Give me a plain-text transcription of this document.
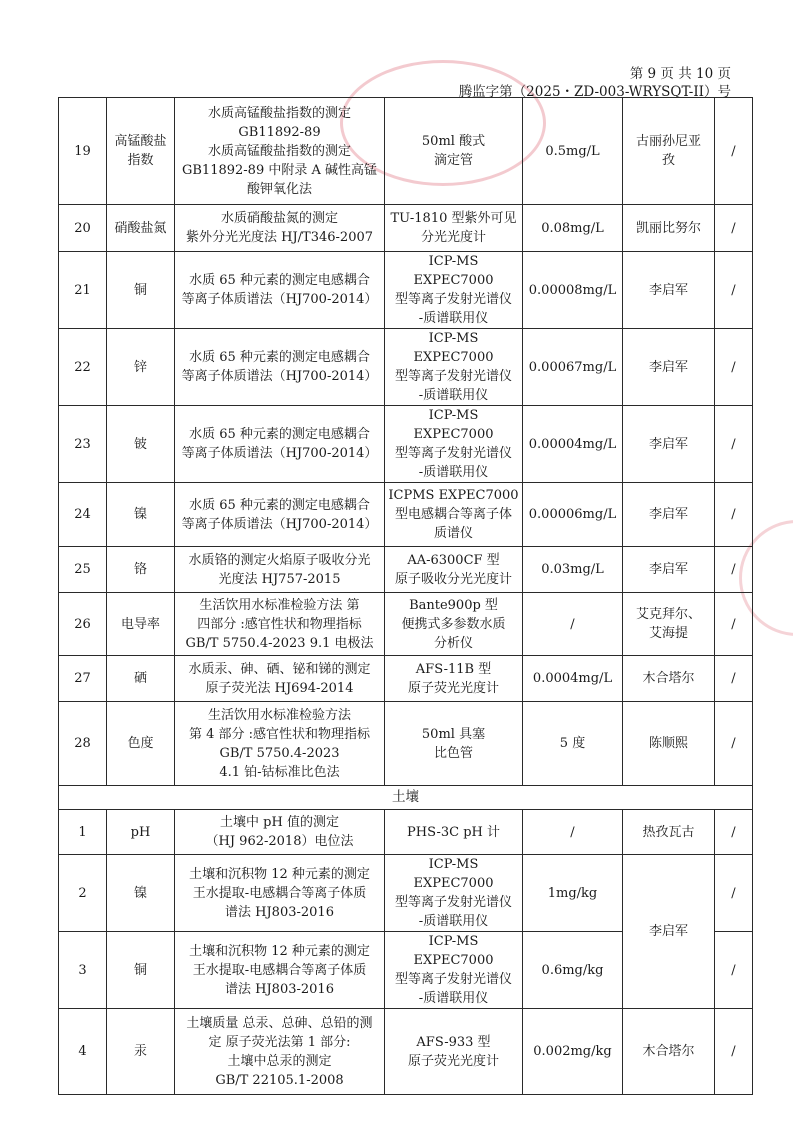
第 9 页 共 10 页
腾监字第（2025・ZD-003-WRYSQT-II）号
19	高锰酸盐
指数	水质高锰酸盐指数的测定
GB11892-89
水质高锰酸盐指数的测定
GB11892-89 中附录 A 碱性高锰
酸钾氧化法	50ml 酸式
滴定管	0.5mg/L	古丽孙尼亚
孜	/
20	硝酸盐氮	水质硝酸盐氮的测定
紫外分光光度法 HJ/T346-2007	TU-1810 型紫外可见
分光光度计	0.08mg/L	凯丽比努尔	/
21	铜	水质 65 种元素的测定电感耦合
等离子体质谱法（HJ700-2014）	ICP-MS EXPEC7000
型等离子发射光谱仪
-质谱联用仪	0.00008mg/L	李启军	/
22	锌	水质 65 种元素的测定电感耦合
等离子体质谱法（HJ700-2014）	ICP-MS EXPEC7000
型等离子发射光谱仪
-质谱联用仪	0.00067mg/L	李启军	/
23	铍	水质 65 种元素的测定电感耦合
等离子体质谱法（HJ700-2014）	ICP-MS EXPEC7000
型等离子发射光谱仪
-质谱联用仪	0.00004mg/L	李启军	/
24	镍	水质 65 种元素的测定电感耦合
等离子体质谱法（HJ700-2014）	ICPMS EXPEC7000
型电感耦合等离子体
质谱仪	0.00006mg/L	李启军	/
25	铬	水质铬的测定火焰原子吸收分光
光度法 HJ757-2015	AA-6300CF 型
原子吸收分光光度计	0.03mg/L	李启军	/
26	电导率	生活饮用水标准检验方法 第
四部分 :感官性状和物理指标
GB/T 5750.4-2023 9.1 电极法	Bante900p 型
便携式多参数水质
分析仪	/	艾克拜尔、
艾海提	/
27	硒	水质汞、砷、硒、铋和锑的测定
原子荧光法 HJ694-2014	AFS-11B 型
原子荧光光度计	0.0004mg/L	木合塔尔	/
28	色度	生活饮用水标准检验方法
第 4 部分 :感官性状和物理指标
GB/T 5750.4-2023
4.1 铂-钴标准比色法	50ml 具塞
比色管	5 度	陈顺熙	/
土壤						
1	pH	土壤中 pH 值的测定
（HJ 962-2018）电位法	PHS-3C pH 计	/	热孜瓦古	/
2	镍	土壤和沉积物 12 种元素的测定
王水提取-电感耦合等离子体质
谱法 HJ803-2016	ICP-MS EXPEC7000
型等离子发射光谱仪
-质谱联用仪	1mg/kg	李启军	/
3	铜	土壤和沉积物 12 种元素的测定
王水提取-电感耦合等离子体质
谱法 HJ803-2016	ICP-MS EXPEC7000
型等离子发射光谱仪
-质谱联用仪	0.6mg/kg		/
4	汞	土壤质量 总汞、总砷、总铅的测
定 原子荧光法第 1 部分:
土壤中总汞的测定
GB/T 22105.1-2008	AFS-933 型
原子荧光光度计	0.002mg/kg	木合塔尔	/
